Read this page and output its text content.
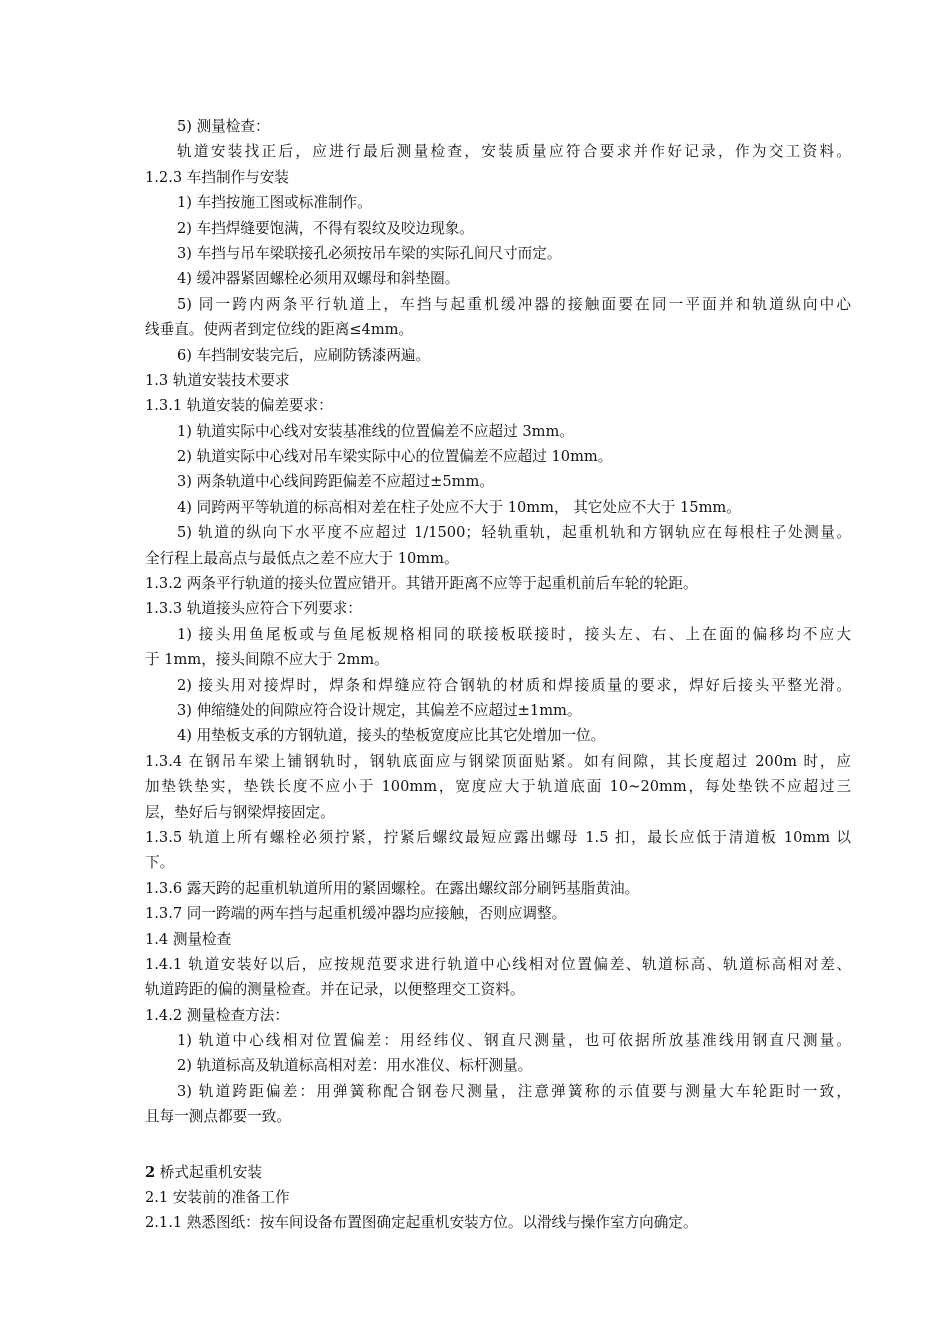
5) 测量检查：
轨道安装找正后，应进行最后测量检查，安装质量应符合要求并作好记录，作为交工资料。
1.2.3 车挡制作与安装
1) 车挡按施工图或标准制作。
2) 车挡焊缝要饱满，不得有裂纹及咬边现象。
3) 车挡与吊车梁联接孔必须按吊车梁的实际孔间尺寸而定。
4) 缓冲器紧固螺栓必须用双螺母和斜垫圈。
5) 同一跨内两条平行轨道上，车挡与起重机缓冲器的接触面要在同一平面并和轨道纵向中心
线垂直。使两者到定位线的距离≤4mm。
6) 车挡制安装完后，应刷防锈漆两遍。
1.3 轨道安装技术要求
1.3.1 轨道安装的偏差要求：
1) 轨道实际中心线对安装基准线的位置偏差不应超过 3mm。
2) 轨道实际中心线对吊车梁实际中心的位置偏差不应超过 10mm。
3) 两条轨道中心线间跨距偏差不应超过±5mm。
4) 同跨两平等轨道的标高相对差在柱子处应不大于 10mm， 其它处应不大于 15mm。
5) 轨道的纵向下水平度不应超过 1/1500；轻轨重轨，起重机轨和方钢轨应在每根柱子处测量。
全行程上最高点与最低点之差不应大于 10mm。
1.3.2 两条平行轨道的接头位置应错开。其错开距离不应等于起重机前后车轮的轮距。
1.3.3 轨道接头应符合下列要求：
1) 接头用鱼尾板或与鱼尾板规格相同的联接板联接时，接头左、右、上在面的偏移均不应大
于 1mm，接头间隙不应大于 2mm。
2) 接头用对接焊时，焊条和焊缝应符合钢轨的材质和焊接质量的要求，焊好后接头平整光滑。
3) 伸缩缝处的间隙应符合设计规定，其偏差不应超过±1mm。
4) 用垫板支承的方钢轨道，接头的垫板宽度应比其它处增加一位。
1.3.4 在钢吊车梁上铺钢轨时，钢轨底面应与钢梁顶面贴紧。如有间隙，其长度超过 200m 时，应
加垫铁垫实，垫铁长度不应小于 100mm，宽度应大于轨道底面 10~20mm，每处垫铁不应超过三
层，垫好后与钢梁焊接固定。
1.3.5 轨道上所有螺栓必须拧紧，拧紧后螺纹最短应露出螺母 1.5 扣，最长应低于清道板 10mm 以
下。
1.3.6 露天跨的起重机轨道所用的紧固螺栓。在露出螺纹部分刷钙基脂黄油。
1.3.7 同一跨端的两车挡与起重机缓冲器均应接触，否则应调整。
1.4 测量检查
1.4.1 轨道安装好以后，应按规范要求进行轨道中心线相对位置偏差、轨道标高、轨道标高相对差、
轨道跨距的偏的测量检查。并在记录，以便整理交工资料。
1.4.2 测量检查方法：
1) 轨道中心线相对位置偏差：用经纬仪、钢直尺测量，也可依据所放基准线用钢直尺测量。
2) 轨道标高及轨道标高相对差：用水准仪、标杆测量。
3) 轨道跨距偏差：用弹簧称配合钢卷尺测量，注意弹簧称的示值要与测量大车轮距时一致，
且每一测点都要一致。
2 桥式起重机安装
2.1 安装前的准备工作
2.1.1 熟悉图纸：按车间设备布置图确定起重机安装方位。以滑线与操作室方向确定。
